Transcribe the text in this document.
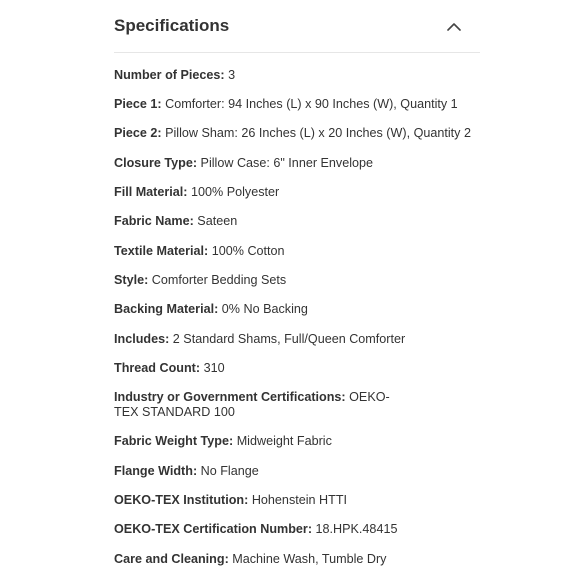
Specifications
Number of Pieces: 3
Piece 1: Comforter: 94 Inches (L) x 90 Inches (W), Quantity 1
Piece 2: Pillow Sham: 26 Inches (L) x 20 Inches (W), Quantity 2
Closure Type: Pillow Case: 6" Inner Envelope
Fill Material: 100% Polyester
Fabric Name: Sateen
Textile Material: 100% Cotton
Style: Comforter Bedding Sets
Backing Material: 0% No Backing
Includes: 2 Standard Shams, Full/Queen Comforter
Thread Count: 310
Industry or Government Certifications: OEKO-TEX STANDARD 100
Fabric Weight Type: Midweight Fabric
Flange Width: No Flange
OEKO-TEX Institution: Hohenstein HTTI
OEKO-TEX Certification Number: 18.HPK.48415
Care and Cleaning: Machine Wash, Tumble Dry
